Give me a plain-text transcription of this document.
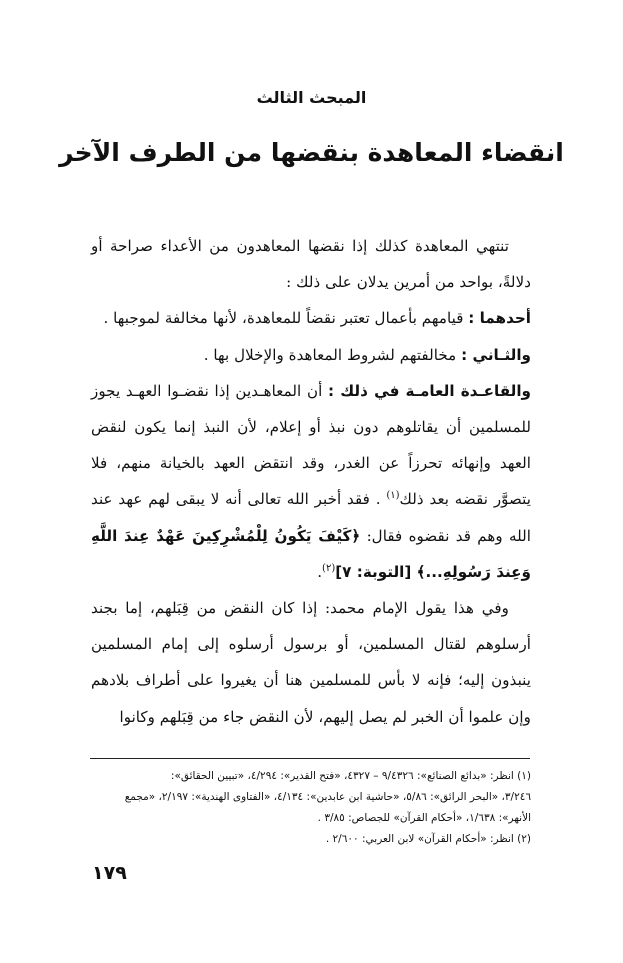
المبحث الثالث
انقضاء المعاهدة بنقضها من الطرف الآخر

تنتهي المعاهدة كذلك إذا نقضها المعاهدون من الأعداء صراحة أو دلالةً، بواحد من أمرين يدلان على ذلك :

أحدهما : قيامهم بأعمال تعتبر نقضاً للمعاهدة، لأنها مخالفة لموجبها .

والثـاني : مخالفتهم لشروط المعاهدة والإخلال بها .

والقاعـدة العامـة في ذلك : أن المعاهـدين إذا نقضـوا العهـد يجوز للمسلمين أن يقاتلوهم دون نبذ أو إعلام، لأن النبذ إنما يكون لنقض العهد وإنهائه تحرزاً عن الغدر، وقد انتقض العهد بالخيانة منهم، فلا يتصوَّر نقضه بعد ذلك$^{(١)}$ . فقد أخبر الله تعالى أنه لا يبقى لهم عهد عند الله وهم قد نقضوه فقال: ﴿كَيْفَ يَكُونُ لِلْمُشْرِكِينَ عَهْدٌ عِندَ اللَّهِ وَعِندَ رَسُولِهِ...﴾ [التوبة: ٧]$^{(٢)}$.

وفي هذا يقول الإمام محمد: إذا كان النقض من قِبَلهم، إما بجند أرسلوهم لقتال المسلمين، أو برسول أرسلوه إلى إمام المسلمين ينبذون إليه؛ فإنه لا بأس للمسلمين هنا أن يغيروا على أطراف بلادهم وإن علموا أن الخبر لم يصل إليهم، لأن النقض جاء من قِبَلهم وكانوا

(١) انظر: «بدائع الصنائع»: ٩/٤٣٢٦ – ٤٣٢٧، «فتح القدير»: ٤/٢٩٤، «تبيين الحقائق»:

٣/٢٤٦، «البحر الرائق»: ٥/٨٦، «حاشية ابن عابدين»: ٤/١٣٤، «الفتاوى الهندية»: ٢/١٩٧، «مجمع

الأنهر»: ١/٦٣٨، «أحكام القرآن» للجصاص: ٣/٨٥ .

(٢) انظر: «أحكام القرآن» لابن العربي: ٢/٦٠٠ .

١٧٩
